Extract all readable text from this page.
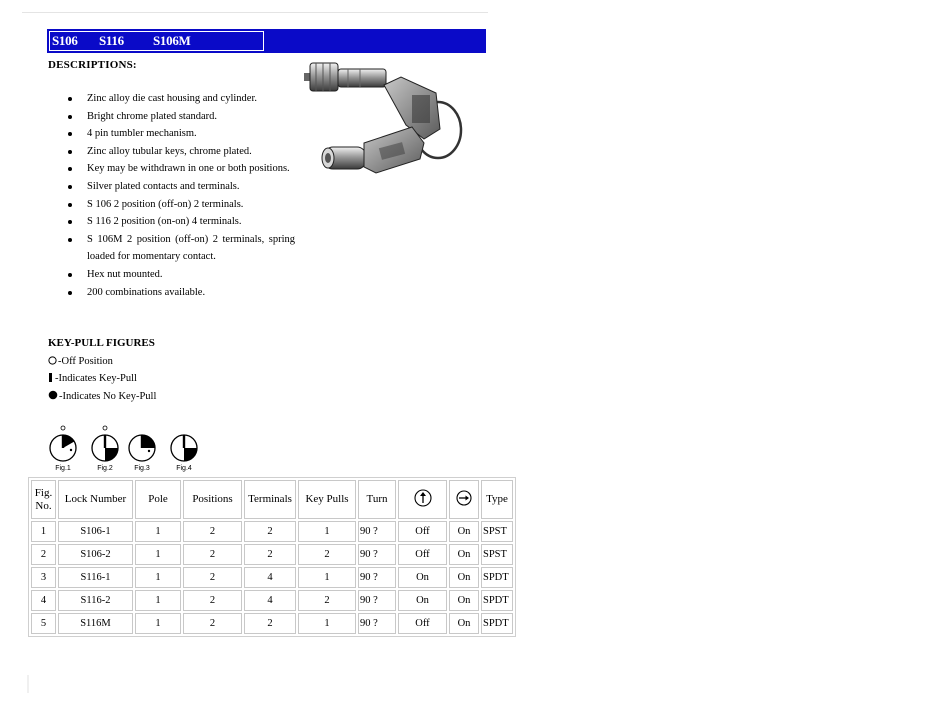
S106 S116 S106M
DESCRIPTIONS:
Zinc alloy die cast housing and cylinder.
Bright chrome plated standard.
4 pin tumbler mechanism.
Zinc alloy tubular keys, chrome plated.
Key may be withdrawn in one or both positions.
Silver plated contacts and terminals.
S 106 2 position (off-on) 2 terminals.
S 116 2 position (on-on) 4 terminals.
S 106M 2 position (off-on) 2 terminals, spring loaded for momentary contact.
Hex nut mounted.
200 combinations available.
KEY-PULL FIGURES
-Off Position
-Indicates Key-Pull
-Indicates No Key-Pull
Fig.1	Fig.2	Fig.3	Fig.4
Fig. No.	Lock Number	Pole	Positions	Terminals	Key Pulls	Turn			Type
1	S106-1	1	2	2	1	90 ?	Off	On	SPST
2	S106-2	1	2	2	2	90 ?	Off	On	SPST
3	S116-1	1	2	4	1	90 ?	On	On	SPDT
4	S116-2	1	2	4	2	90 ?	On	On	SPDT
5	S116M	1	2	2	1	90 ?	Off	On	SPDT
